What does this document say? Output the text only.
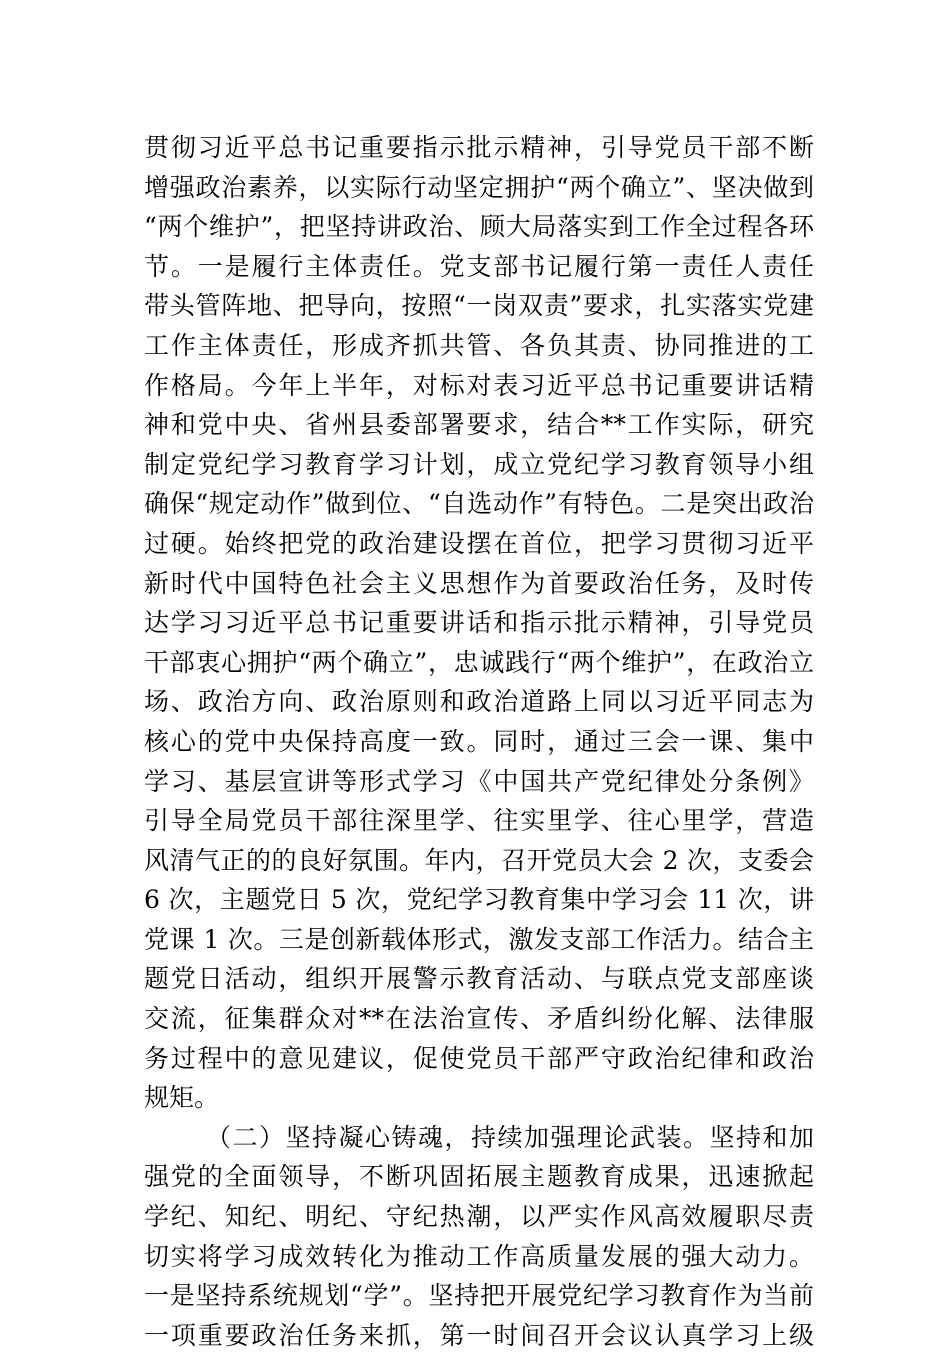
贯彻习近平总书记重要指示批示精神，引导党员干部不断
增强政治素养，以实际行动坚定拥护“两个确立”、坚决做到
“两个维护”，把坚持讲政治、顾大局落实到工作全过程各环
节。一是履行主体责任。党支部书记履行第一责任人责任
带头管阵地、把导向，按照“一岗双责”要求，扎实落实党建
工作主体责任，形成齐抓共管、各负其责、协同推进的工
作格局。今年上半年，对标对表习近平总书记重要讲话精
神和党中央、省州县委部署要求，结合**工作实际，研究
制定党纪学习教育学习计划，成立党纪学习教育领导小组
确保“规定动作”做到位、“自选动作”有特色。二是突出政治
过硬。始终把党的政治建设摆在首位，把学习贯彻习近平
新时代中国特色社会主义思想作为首要政治任务，及时传
达学习习近平总书记重要讲话和指示批示精神，引导党员
干部衷心拥护“两个确立”，忠诚践行“两个维护”，在政治立
场、政治方向、政治原则和政治道路上同以习近平同志为
核心的党中央保持高度一致。同时，通过三会一课、集中
学习、基层宣讲等形式学习《中国共产党纪律处分条例》
引导全局党员干部往深里学、往实里学、往心里学，营造
风清气正的的良好氛围。年内，召开党员大会 2 次，支委会
6 次，主题党日 5 次，党纪学习教育集中学习会 11 次，讲
党课 1 次。三是创新载体形式，激发支部工作活力。结合主
题党日活动，组织开展警示教育活动、与联点党支部座谈
交流，征集群众对**在法治宣传、矛盾纠纷化解、法律服
务过程中的意见建议，促使党员干部严守政治纪律和政治
规矩。
（二）坚持凝心铸魂，持续加强理论武装。坚持和加
强党的全面领导，不断巩固拓展主题教育成果，迅速掀起
学纪、知纪、明纪、守纪热潮，以严实作风高效履职尽责
切实将学习成效转化为推动工作高质量发展的强大动力。
一是坚持系统规划“学”。坚持把开展党纪学习教育作为当前
一项重要政治任务来抓，第一时间召开会议认真学习上级
